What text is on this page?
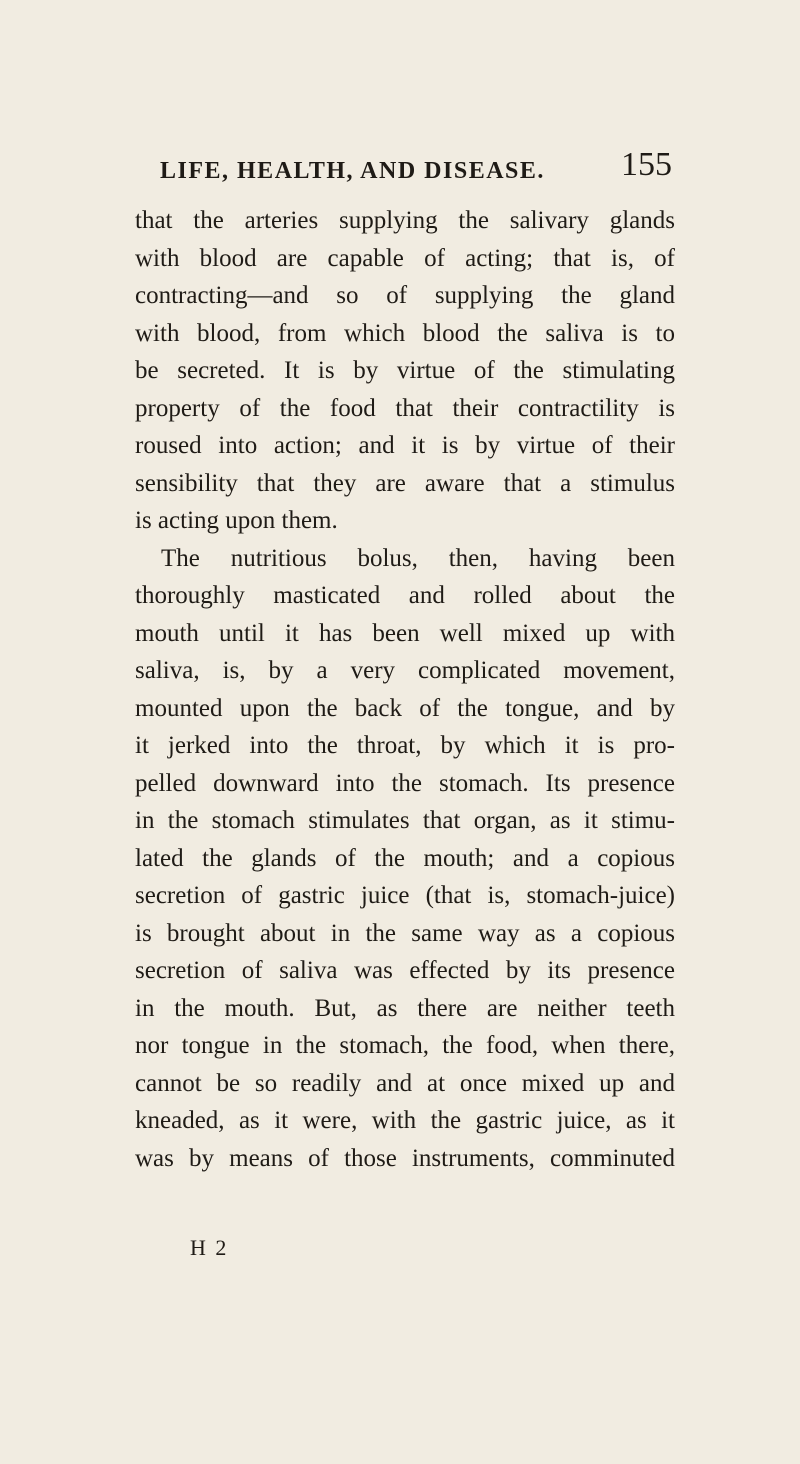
LIFE, HEALTH, AND DISEASE. 155
that the arteries supplying the salivary glands
with blood are capable of acting; that is, of
contracting—and so of supplying the gland
with blood, from which blood the saliva is to
be secreted. It is by virtue of the stimulating
property of the food that their contractility is
roused into action; and it is by virtue of their
sensibility that they are aware that a stimulus
is acting upon them.
The nutritious bolus, then, having been
thoroughly masticated and rolled about the
mouth until it has been well mixed up with
saliva, is, by a very complicated movement,
mounted upon the back of the tongue, and by
it jerked into the throat, by which it is pro-
pelled downward into the stomach. Its presence
in the stomach stimulates that organ, as it stimu-
lated the glands of the mouth; and a copious
secretion of gastric juice (that is, stomach-juice)
is brought about in the same way as a copious
secretion of saliva was effected by its presence
in the mouth. But, as there are neither teeth
nor tongue in the stomach, the food, when there,
cannot be so readily and at once mixed up and
kneaded, as it were, with the gastric juice, as it
was by means of those instruments, comminuted
H 2
